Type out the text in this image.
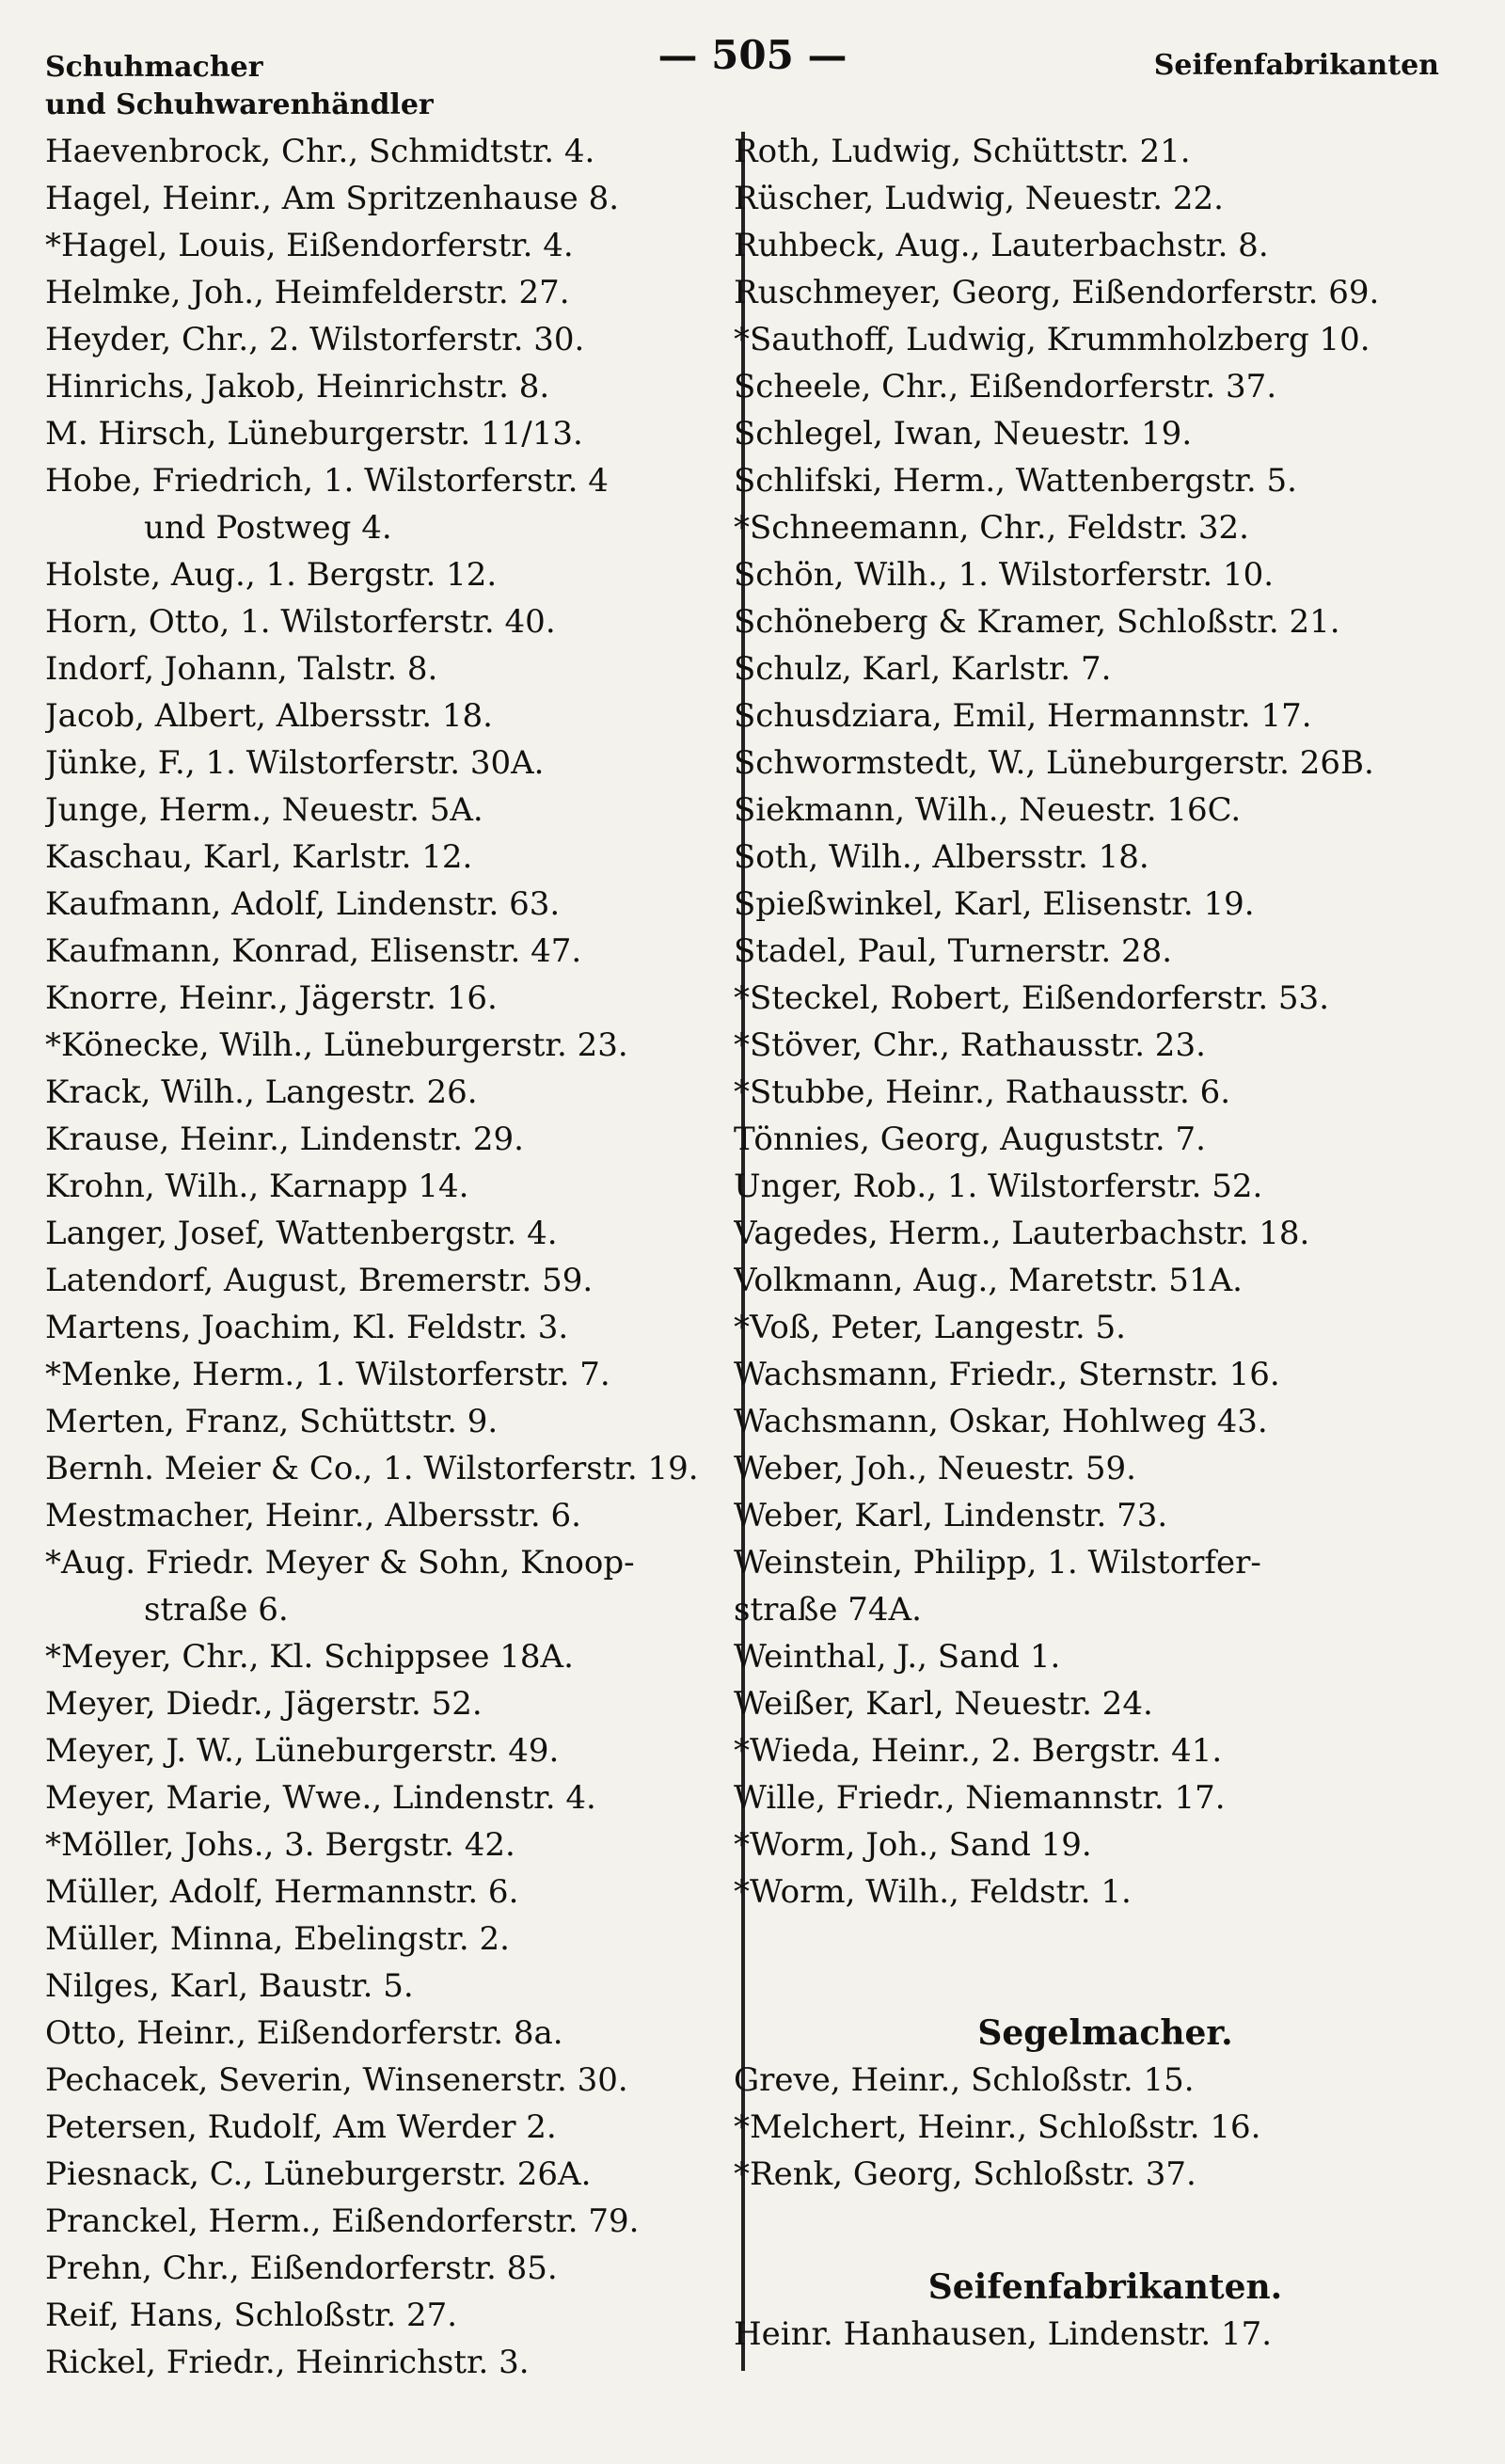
Schuhmacher
und Schuhwarenhändler
— 505 —	Seifenfabrikanten
Haevenbrock, Chr., Schmidtstr. 4.
Hagel, Heinr., Am Spritzenhause 8.
*Hagel, Louis, Eißendorferstr. 4.
Helmke, Joh., Heimfelderstr. 27.
Heyder, Chr., 2. Wilstorferstr. 30.
Hinrichs, Jakob, Heinrichstr. 8.
M. Hirsch, Lüneburgerstr. 11/13.
Hobe, Friedrich, 1. Wilstorferstr. 4
und Postweg 4.
Holste, Aug., 1. Bergstr. 12.
Horn, Otto, 1. Wilstorferstr. 40.
Indorf, Johann, Talstr. 8.
Jacob, Albert, Albersstr. 18.
Jünke, F., 1. Wilstorferstr. 30A.
Junge, Herm., Neuestr. 5A.
Kaschau, Karl, Karlstr. 12.
Kaufmann, Adolf, Lindenstr. 63.
Kaufmann, Konrad, Elisenstr. 47.
Knorre, Heinr., Jägerstr. 16.
*Könecke, Wilh., Lüneburgerstr. 23.
Krack, Wilh., Langestr. 26.
Krause, Heinr., Lindenstr. 29.
Krohn, Wilh., Karnapp 14.
Langer, Josef, Wattenbergstr. 4.
Latendorf, August, Bremerstr. 59.
Martens, Joachim, Kl. Feldstr. 3.
*Menke, Herm., 1. Wilstorferstr. 7.
Merten, Franz, Schüttstr. 9.
Bernh. Meier & Co., 1. Wilstorferstr. 19.
Mestmacher, Heinr., Albersstr. 6.
*Aug. Friedr. Meyer & Sohn, Knoop-
straße 6.
*Meyer, Chr., Kl. Schippsee 18A.
Meyer, Diedr., Jägerstr. 52.
Meyer, J. W., Lüneburgerstr. 49.
Meyer, Marie, Wwe., Lindenstr. 4.
*Möller, Johs., 3. Bergstr. 42.
Müller, Adolf, Hermannstr. 6.
Müller, Minna, Ebelingstr. 2.
Nilges, Karl, Baustr. 5.
Otto, Heinr., Eißendorferstr. 8a.
Pechacek, Severin, Winsenerstr. 30.
Petersen, Rudolf, Am Werder 2.
Piesnack, C., Lüneburgerstr. 26A.
Pranckel, Herm., Eißendorferstr. 79.
Prehn, Chr., Eißendorferstr. 85.
Reif, Hans, Schloßstr. 27.
Rickel, Friedr., Heinrichstr. 3.
Roth, Ludwig, Schüttstr. 21.
Rüscher, Ludwig, Neuestr. 22.
Ruhbeck, Aug., Lauterbachstr. 8.
Ruschmeyer, Georg, Eißendorferstr. 69.
*Sauthoff, Ludwig, Krummholzberg 10.
Scheele, Chr., Eißendorferstr. 37.
Schlegel, Iwan, Neuestr. 19.
Schlifski, Herm., Wattenbergstr. 5.
*Schneemann, Chr., Feldstr. 32.
Schön, Wilh., 1. Wilstorferstr. 10.
Schöneberg & Kramer, Schloßstr. 21.
Schulz, Karl, Karlstr. 7.
Schusdziara, Emil, Hermannstr. 17.
Schwormstedt, W., Lüneburgerstr. 26B.
Siekmann, Wilh., Neuestr. 16C.
Soth, Wilh., Albersstr. 18.
Spießwinkel, Karl, Elisenstr. 19.
Stadel, Paul, Turnerstr. 28.
*Steckel, Robert, Eißendorferstr. 53.
*Stöver, Chr., Rathausstr. 23.
*Stubbe, Heinr., Rathausstr. 6.
Tönnies, Georg, Auguststr. 7.
Unger, Rob., 1. Wilstorferstr. 52.
Vagedes, Herm., Lauterbachstr. 18.
Volkmann, Aug., Maretstr. 51A.
*Voß, Peter, Langestr. 5.
Wachsmann, Friedr., Sternstr. 16.
Wachsmann, Oskar, Hohlweg 43.
Weber, Joh., Neuestr. 59.
Weber, Karl, Lindenstr. 73.
Weinstein, Philipp, 1. Wilstorfer-
straße 74A.
Weinthal, J., Sand 1.
Weißer, Karl, Neuestr. 24.
*Wieda, Heinr., 2. Bergstr. 41.
Wille, Friedr., Niemannstr. 17.
*Worm, Joh., Sand 19.
*Worm, Wilh., Feldstr. 1.
Segelmacher.
Greve, Heinr., Schloßstr. 15.
*Melchert, Heinr., Schloßstr. 16.
*Renk, Georg, Schloßstr. 37.
Seifenfabrikanten.
Heinr. Hanhausen, Lindenstr. 17.
